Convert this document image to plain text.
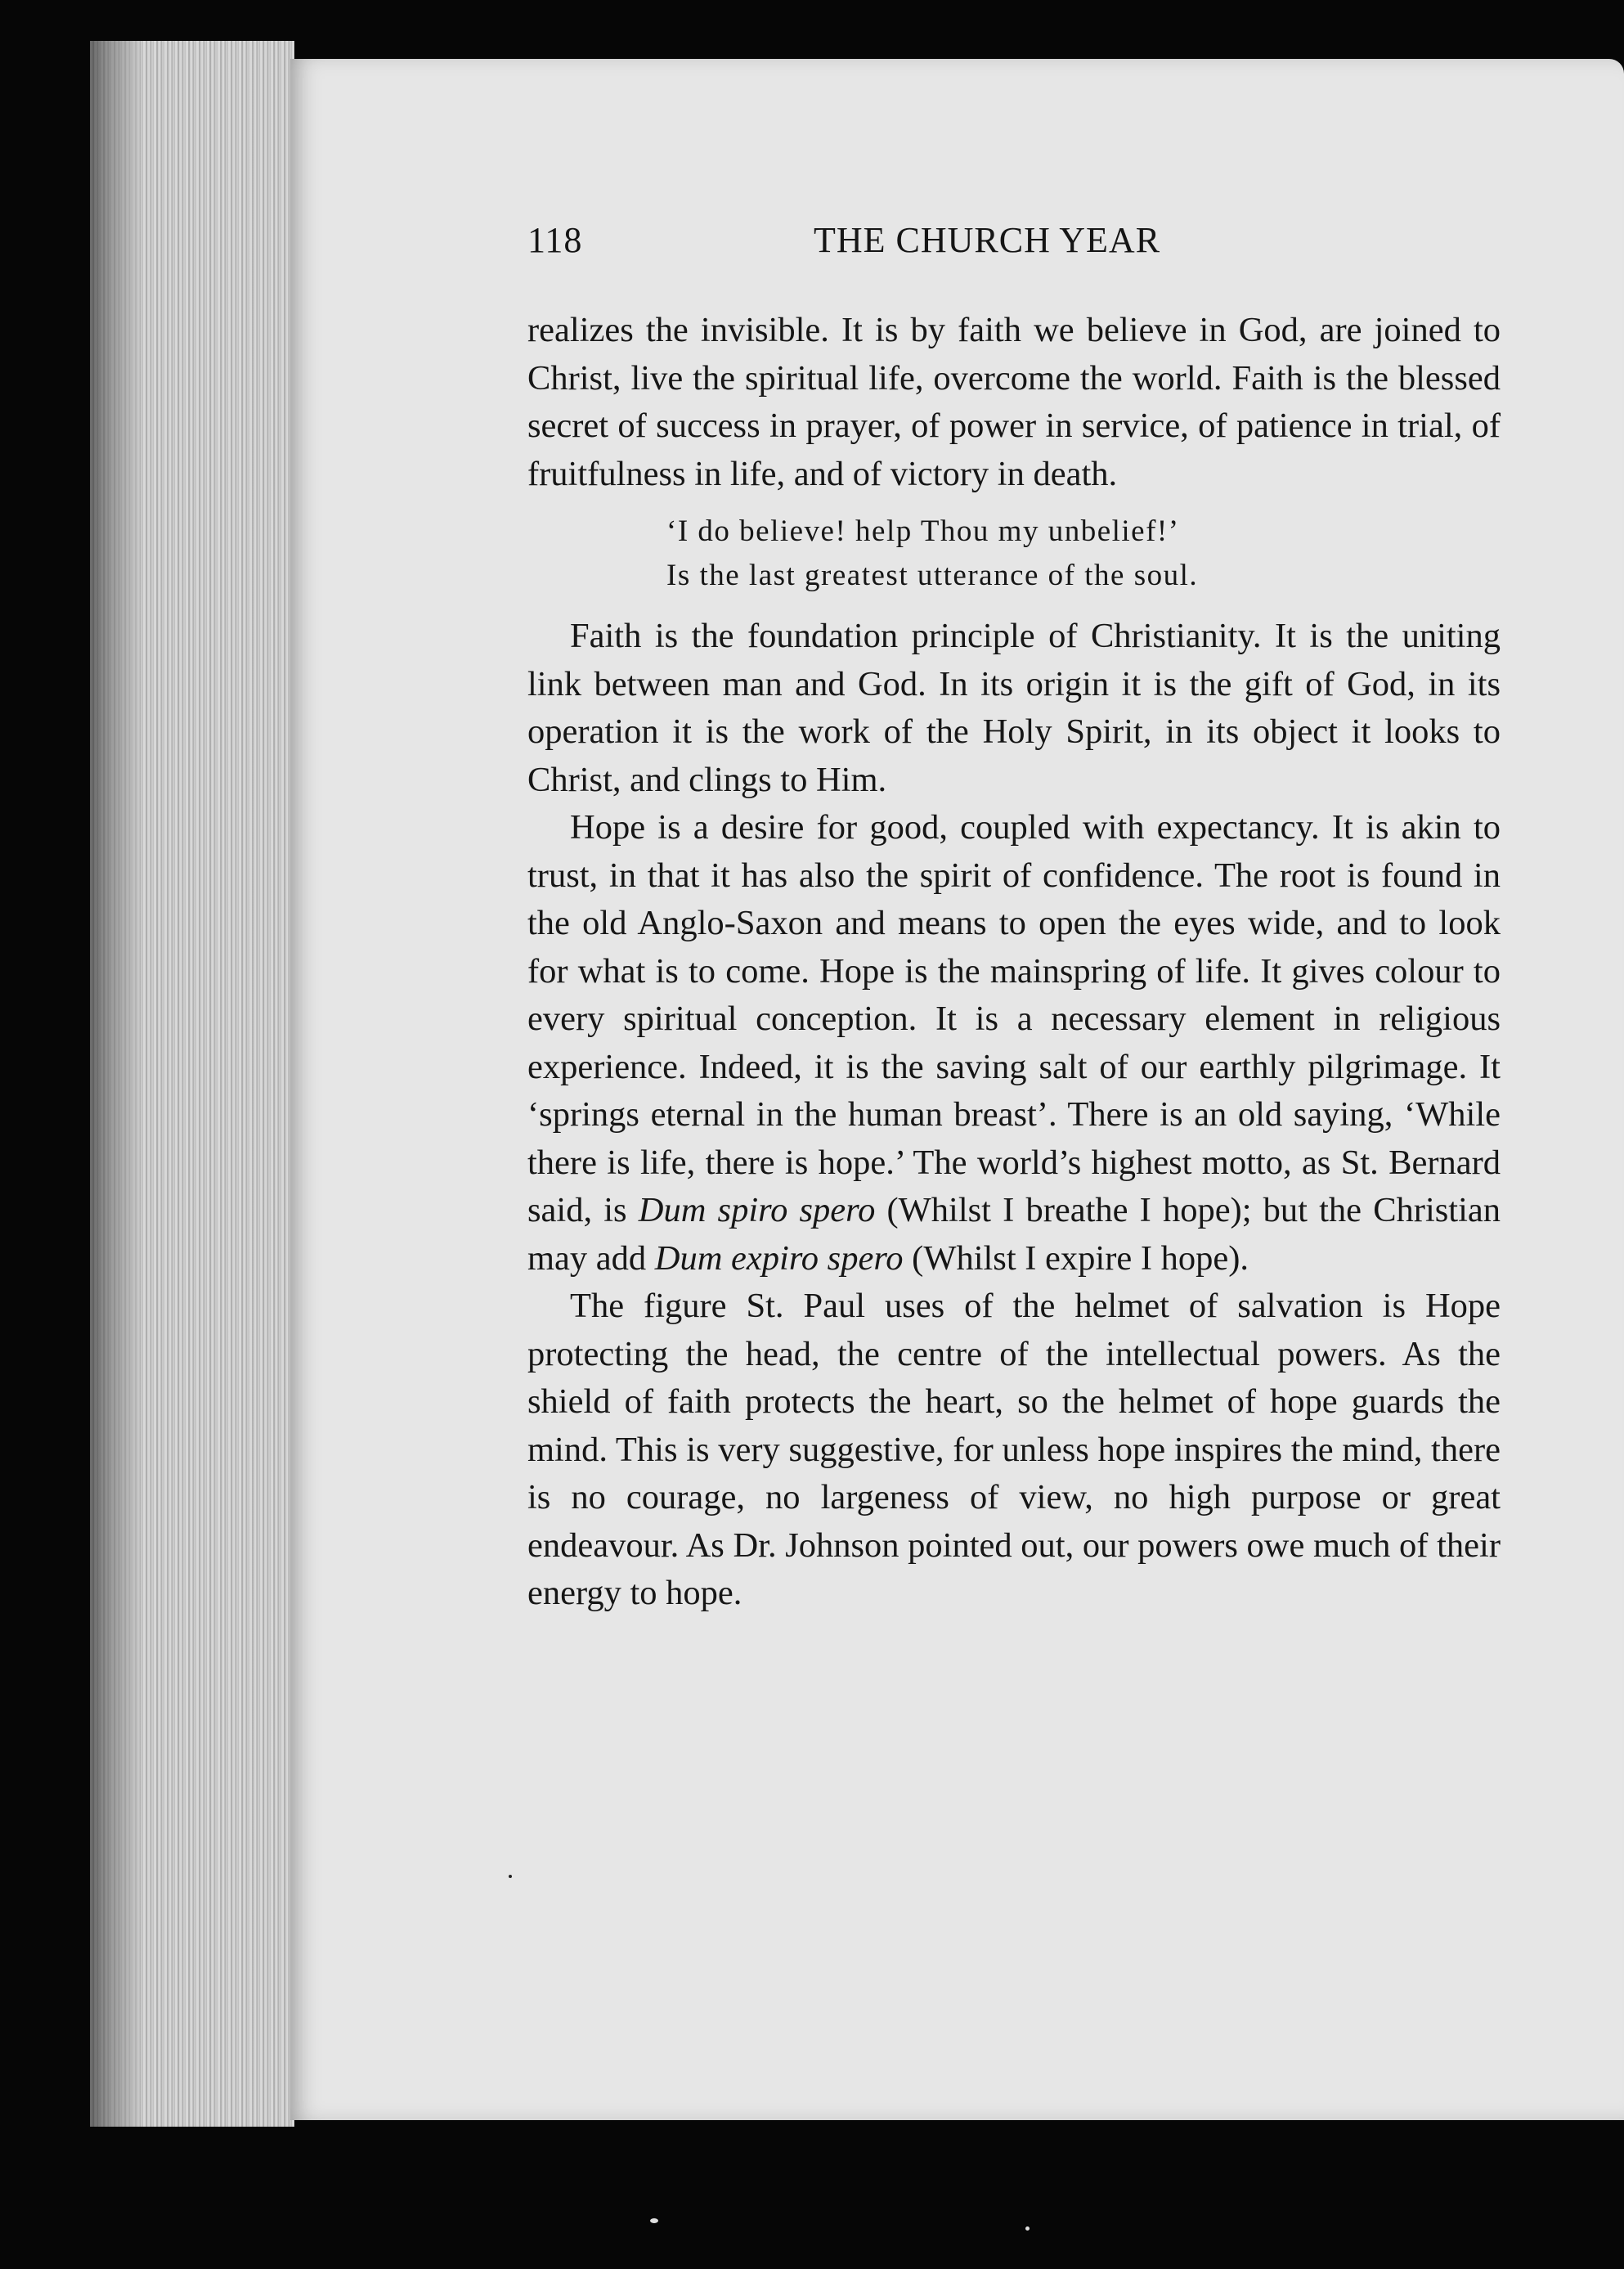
118	THE CHURCH YEAR

realizes the invisible. It is by faith we believe in God, are joined to Christ, live the spiritual life, overcome the world. Faith is the blessed secret of success in prayer, of power in service, of patience in trial, of fruitfulness in life, and of victory in death.

‘I do believe! help Thou my unbelief!’
Is the last greatest utterance of the soul.

Faith is the foundation principle of Christianity. It is the uniting link between man and God. In its origin it is the gift of God, in its operation it is the work of the Holy Spirit, in its object it looks to Christ, and clings to Him.

Hope is a desire for good, coupled with expectancy. It is akin to trust, in that it has also the spirit of confidence. The root is found in the old Anglo-Saxon and means to open the eyes wide, and to look for what is to come. Hope is the mainspring of life. It gives colour to every spiritual conception. It is a necessary element in religious experience. Indeed, it is the saving salt of our earthly pilgrimage. It ‘springs eternal in the human breast’. There is an old saying, ‘While there is life, there is hope.’ The world’s highest motto, as St. Bernard said, is Dum spiro spero (Whilst I breathe I hope); but the Christian may add Dum expiro spero (Whilst I expire I hope).

The figure St. Paul uses of the helmet of salvation is Hope protecting the head, the centre of the intellectual powers. As the shield of faith protects the heart, so the helmet of hope guards the mind. This is very suggestive, for unless hope inspires the mind, there is no courage, no largeness of view, no high purpose or great endeavour. As Dr. Johnson pointed out, our powers owe much of their energy to hope.
